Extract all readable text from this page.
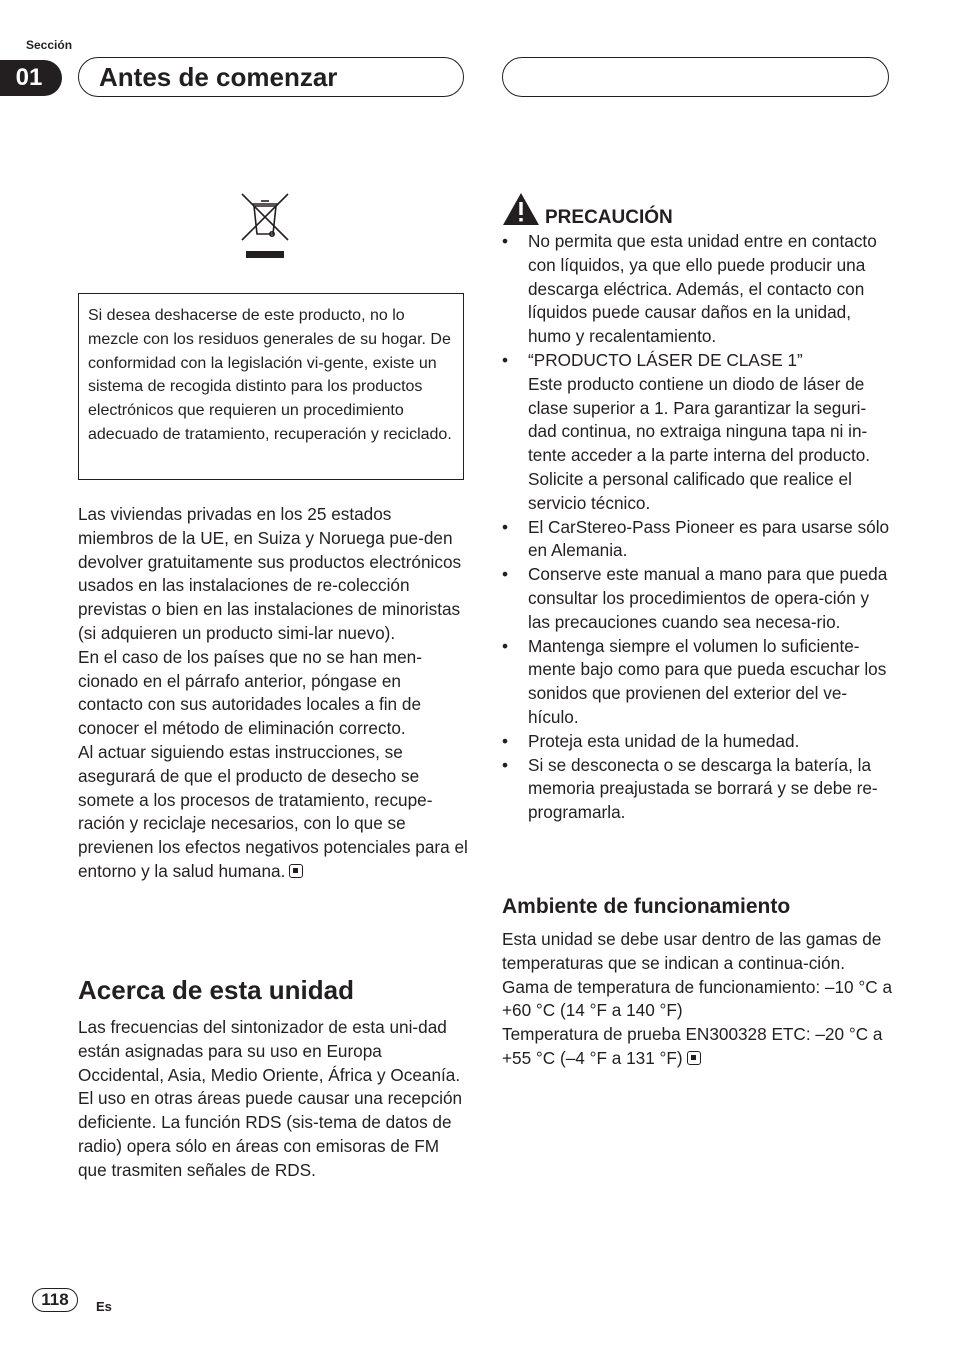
Sección
01	Antes de comenzar
Si desea deshacerse de este producto, no lo mezcle con los residuos generales de su hogar. De conformidad con la legislación vi-gente, existe un sistema de recogida distinto para los productos electrónicos que requieren un procedimiento adecuado de tratamiento, recuperación y reciclado.

Las viviendas privadas en los 25 estados miembros de la UE, en Suiza y Noruega pue-den devolver gratuitamente sus productos electrónicos usados en las instalaciones de re-colección previstas o bien en las instalaciones de minoristas (si adquieren un producto simi-lar nuevo).

En el caso de los países que no se han men-cionado en el párrafo anterior, póngase en contacto con sus autoridades locales a fin de conocer el método de eliminación correcto.

Al actuar siguiendo estas instrucciones, se asegurará de que el producto de desecho se somete a los procesos de tratamiento, recupe-ración y reciclaje necesarios, con lo que se previenen los efectos negativos potenciales para el entorno y la salud humana.

Acerca de esta unidad

Las frecuencias del sintonizador de esta uni-dad están asignadas para su uso en Europa Occidental, Asia, Medio Oriente, África y Oceanía. El uso en otras áreas puede causar una recepción deficiente. La función RDS (sis-tema de datos de radio) opera sólo en áreas con emisoras de FM que trasmiten señales de RDS.

PRECAUCIÓN
• No permita que esta unidad entre en contacto con líquidos, ya que ello puede producir una descarga eléctrica. Además, el contacto con líquidos puede causar daños en la unidad, humo y recalentamiento.
• “PRODUCTO LÁSER DE CLASE 1”
Este producto contiene un diodo de láser de clase superior a 1. Para garantizar la seguri-dad continua, no extraiga ninguna tapa ni in-tente acceder a la parte interna del producto. Solicite a personal calificado que realice el servicio técnico.
• El CarStereo-Pass Pioneer es para usarse sólo en Alemania.
• Conserve este manual a mano para que pueda consultar los procedimientos de opera-ción y las precauciones cuando sea necesa-rio.
• Mantenga siempre el volumen lo suficiente-mente bajo como para que pueda escuchar los sonidos que provienen del exterior del ve-hículo.
• Proteja esta unidad de la humedad.
• Si se desconecta o se descarga la batería, la memoria preajustada se borrará y se debe re-programarla.
Ambiente de funcionamiento

Esta unidad se debe usar dentro de las gamas de temperaturas que se indican a continua-ción.

Gama de temperatura de funcionamiento: –10 °C a +60 °C (14 °F a 140 °F)

Temperatura de prueba EN300328 ETC: –20 °C a +55 °C (–4 °F a 131 °F)

118	Es
